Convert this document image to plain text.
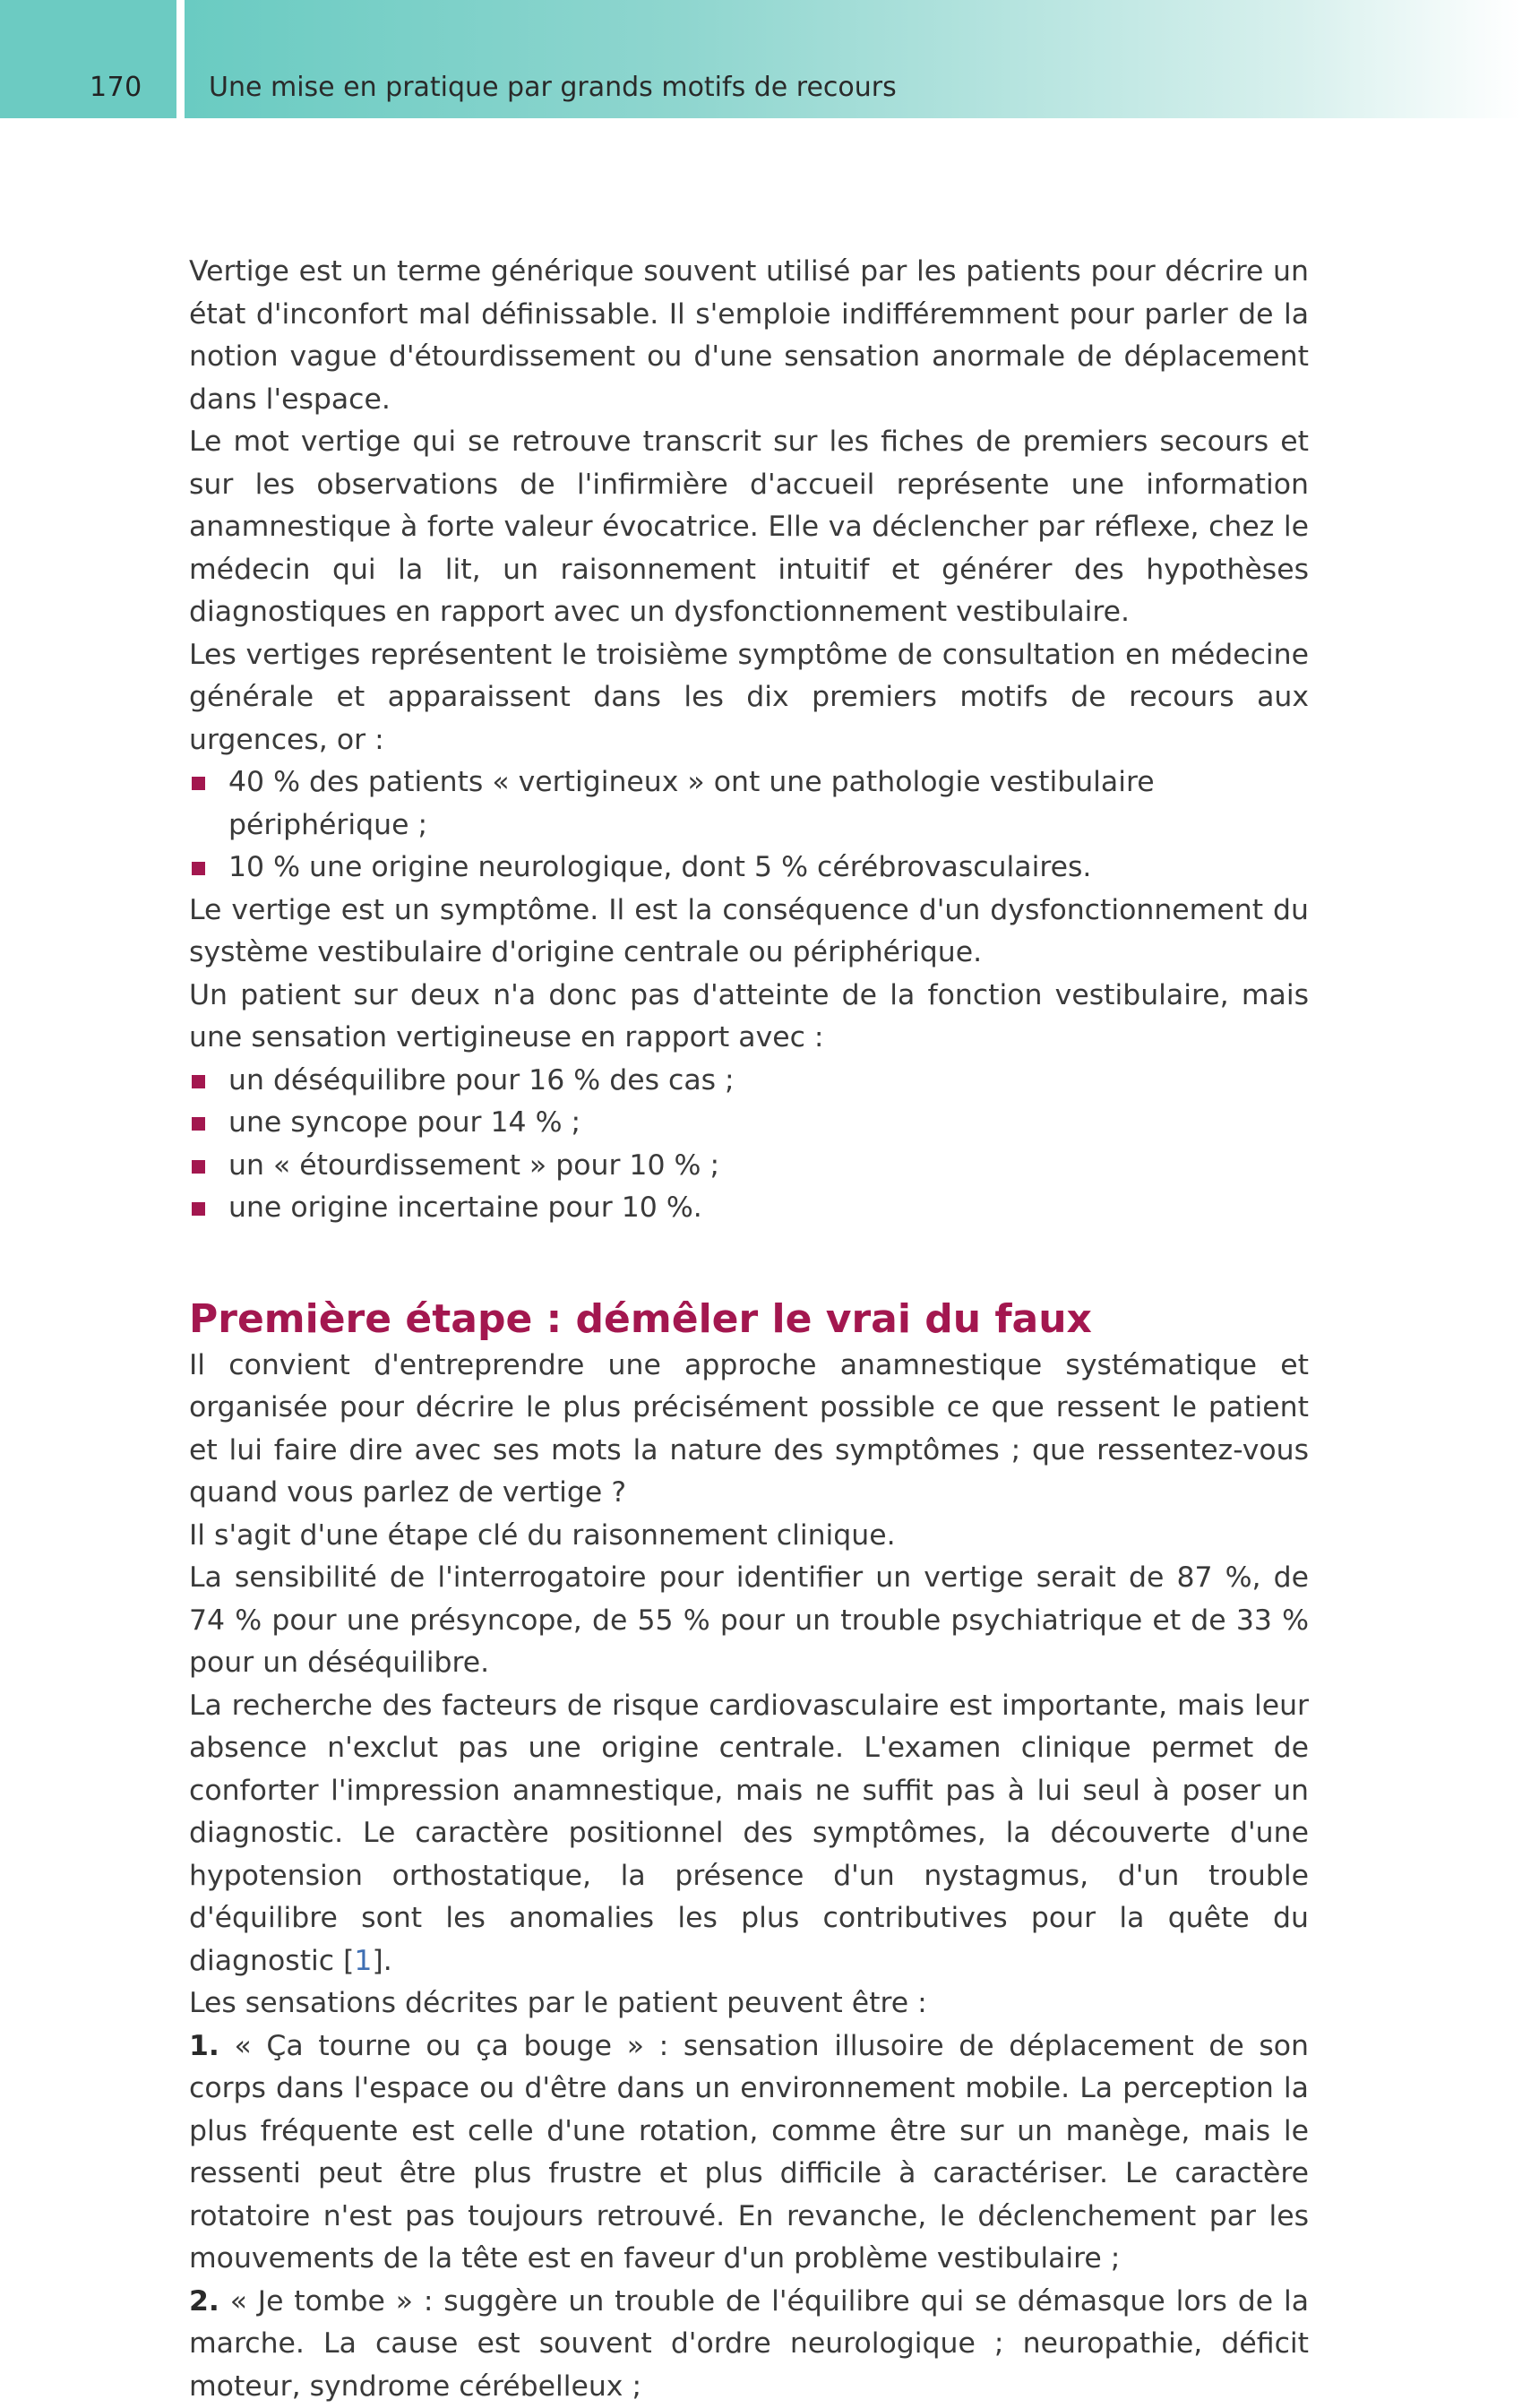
170 Une mise en pratique par grands motifs de recours

Vertige est un terme générique souvent utilisé par les patients pour décrire un état d'inconfort mal définissable. Il s'emploie indifféremment pour parler de la notion vague d'étourdissement ou d'une sensation anormale de déplacement dans l'espace.

Le mot vertige qui se retrouve transcrit sur les fiches de premiers secours et sur les observations de l'infirmière d'accueil représente une information anamnestique à forte valeur évocatrice. Elle va déclencher par réflexe, chez le médecin qui la lit, un raisonnement intuitif et générer des hypothèses diagnostiques en rapport avec un dysfonctionnement vestibulaire.

Les vertiges représentent le troisième symptôme de consultation en médecine générale et apparaissent dans les dix premiers motifs de recours aux urgences, or :

40 % des patients « vertigineux » ont une pathologie vestibulaire périphérique ;

10 % une origine neurologique, dont 5 % cérébrovasculaires.

Le vertige est un symptôme. Il est la conséquence d'un dysfonctionnement du système vestibulaire d'origine centrale ou périphérique.

Un patient sur deux n'a donc pas d'atteinte de la fonction vestibulaire, mais une sensation vertigineuse en rapport avec :

un déséquilibre pour 16 % des cas ;

une syncope pour 14 % ;

un « étourdissement » pour 10 % ;

une origine incertaine pour 10 %.

Première étape : démêler le vrai du faux

Il convient d'entreprendre une approche anamnestique systématique et organisée pour décrire le plus précisément possible ce que ressent le patient et lui faire dire avec ses mots la nature des symptômes ; que ressentez-vous quand vous parlez de vertige ?

Il s'agit d'une étape clé du raisonnement clinique.

La sensibilité de l'interrogatoire pour identifier un vertige serait de 87 %, de 74 % pour une présyncope, de 55 % pour un trouble psychiatrique et de 33 % pour un déséquilibre.

La recherche des facteurs de risque cardiovasculaire est importante, mais leur absence n'exclut pas une origine centrale. L'examen clinique permet de conforter l'impression anamnestique, mais ne suffit pas à lui seul à poser un diagnostic. Le caractère positionnel des symptômes, la découverte d'une hypotension orthostatique, la présence d'un nystagmus, d'un trouble d'équilibre sont les anomalies les plus contributives pour la quête du diagnostic [1].

Les sensations décrites par le patient peuvent être :

1. « Ça tourne ou ça bouge » : sensation illusoire de déplacement de son corps dans l'espace ou d'être dans un environnement mobile. La perception la plus fréquente est celle d'une rotation, comme être sur un manège, mais le ressenti peut être plus frustre et plus difficile à caractériser. Le caractère rotatoire n'est pas toujours retrouvé. En revanche, le déclenchement par les mouvements de la tête est en faveur d'un problème vestibulaire ;

2. « Je tombe » : suggère un trouble de l'équilibre qui se démasque lors de la marche. La cause est souvent d'ordre neurologique ; neuropathie, déficit moteur, syndrome cérébelleux ;
